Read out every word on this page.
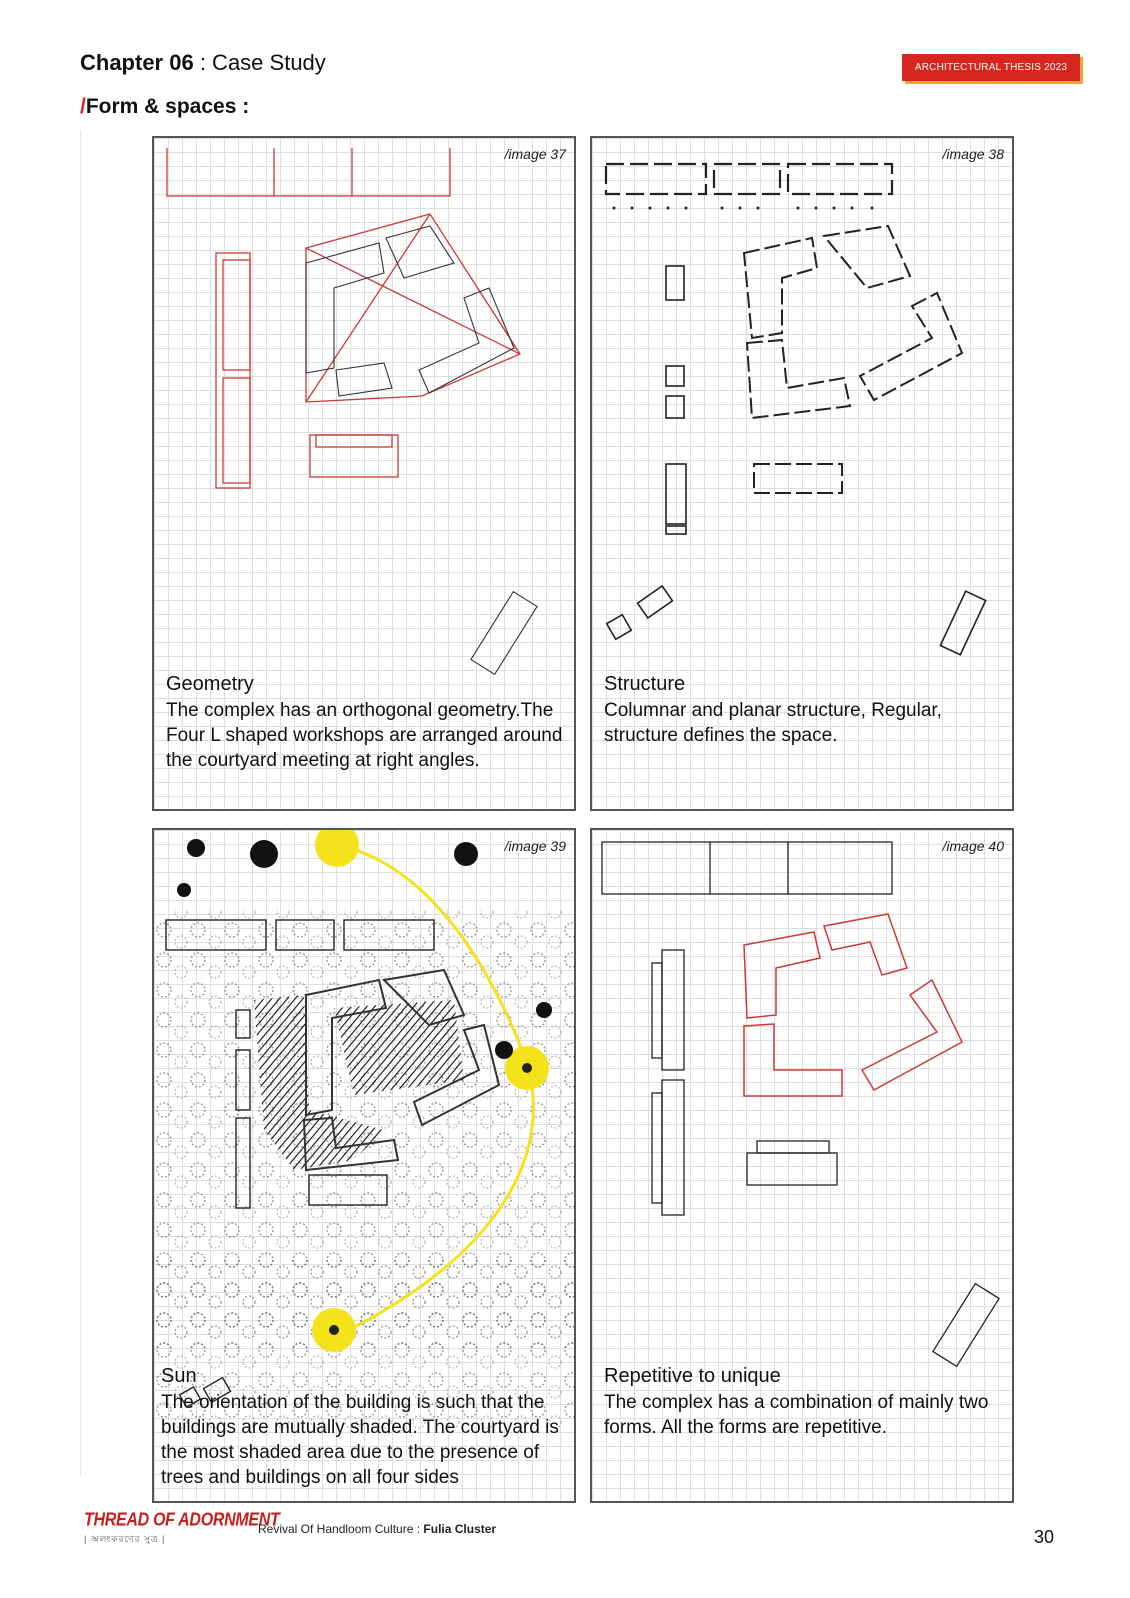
Chapter 06 : Case Study	ARCHITECTURAL THESIS 2023
/Form & spaces :
/image 37
Geometry

The complex has an orthogonal geometry.The Four L shaped workshops are arranged around the courtyard meeting at right angles.

/image 38
Structure

Columnar and planar structure, Regular, structure defines the space.

/image 39
Sun

The orientation of the building is such that the buildings are mutually shaded. The courtyard is the most shaded area due to the presence of trees and buildings on all four sides

/image 40
Repetitive to unique

The complex has a combination of mainly two forms. All the forms are repetitive.

THREAD OF ADORNMENT
| অলংকরণের সুত্র |
Revival Of Handloom Culture : Fulia Cluster	30
